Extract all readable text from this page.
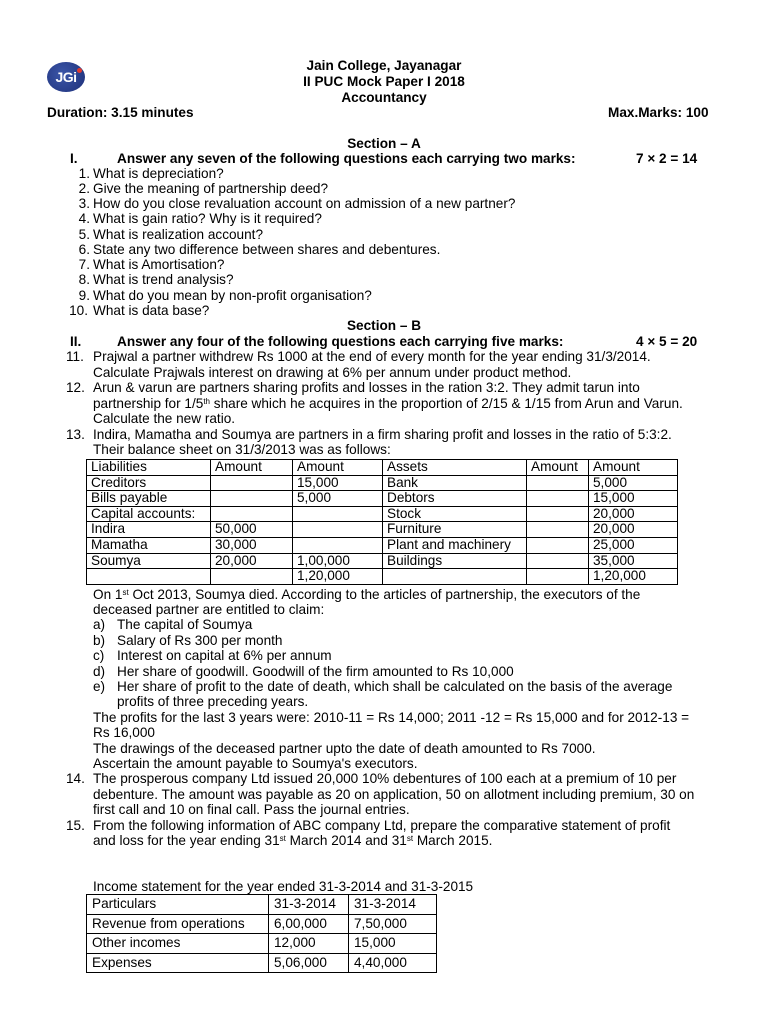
JGi
Jain College, Jayanagar
II PUC Mock Paper I 2018
Accountancy
Duration: 3.15 minutes	Max.Marks: 100
Section – A
I.	Answer any seven of the following questions each carrying two marks:	7 × 2 = 14
1. What is depreciation?
2. Give the meaning of partnership deed?
3. How do you close revaluation account on admission of a new partner?
4. What is gain ratio? Why is it required?
5. What is realization account?
6. State any two difference between shares and debentures.
7. What is Amortisation?
8. What is trend analysis?
9. What do you mean by non-profit organisation?
10. What is data base?
Section – B
II.	Answer any four of the following questions each carrying five marks:	4 × 5 = 20
11. Prajwal a partner withdrew Rs 1000 at the end of every month for the year ending 31/3/2014.
Calculate Prajwals interest on drawing at 6% per annum under product method.
12. Arun & varun are partners sharing profits and losses in the ration 3:2. They admit tarun into
partnership for 1/5th share which he acquires in the proportion of 2/15 & 1/15 from Arun and Varun.
Calculate the new ratio.
13. Indira, Mamatha and Soumya are partners in a firm sharing profit and losses in the ratio of 5:3:2.
Their balance sheet on 31/3/2013 was as follows:
Liabilities	Amount	Amount	Assets	Amount	Amount
Creditors		15,000	Bank		5,000
Bills payable		5,000	Debtors		15,000
Capital accounts:			Stock		20,000
Indira	50,000		Furniture		20,000
Mamatha	30,000		Plant and machinery		25,000
Soumya	20,000	1,00,000	Buildings		35,000
		1,20,000			1,20,000
On 1st Oct 2013, Soumya died. According to the articles of partnership, the executors of the
deceased partner are entitled to claim:
a) The capital of Soumya
b) Salary of Rs 300 per month
c) Interest on capital at 6% per annum
d) Her share of goodwill. Goodwill of the firm amounted to Rs 10,000
e) Her share of profit to the date of death, which shall be calculated on the basis of the average
profits of three preceding years.
The profits for the last 3 years were: 2010-11 = Rs 14,000; 2011 -12 = Rs 15,000 and for 2012-13 =
Rs 16,000
The drawings of the deceased partner upto the date of death amounted to Rs 7000.
Ascertain the amount payable to Soumya's executors.
14. The prosperous company Ltd issued 20,000 10% debentures of 100 each at a premium of 10 per
debenture. The amount was payable as 20 on application, 50 on allotment including premium, 30 on
first call and 10 on final call. Pass the journal entries.
15. From the following information of ABC company Ltd, prepare the comparative statement of profit
and loss for the year ending 31st March 2014 and 31st March 2015.
Income statement for the year ended 31-3-2014 and 31-3-2015
Particulars	31-3-2014	31-3-2014
Revenue from operations	6,00,000	7,50,000
Other incomes	12,000	15,000
Expenses	5,06,000	4,40,000
